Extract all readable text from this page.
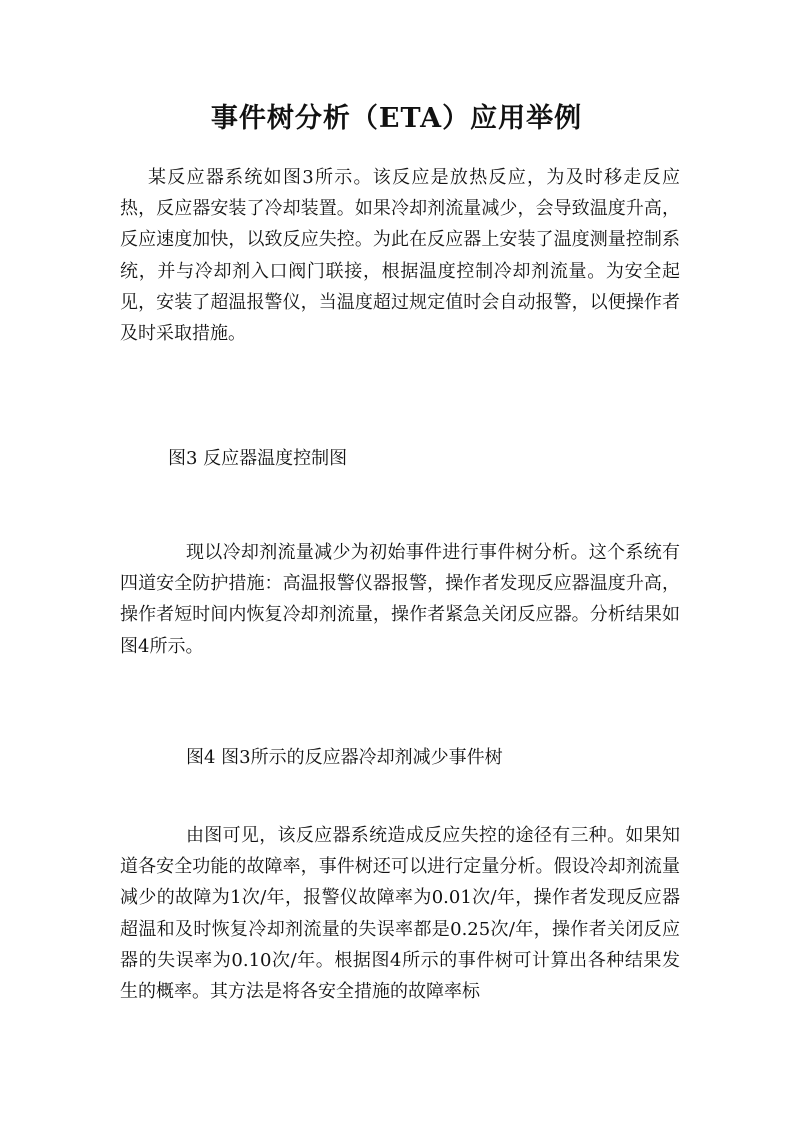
事件树分析（ETA）应用举例

某反应器系统如图3所示。该反应是放热反应，为及时移走反应热，反应器安装了冷却装置。如果冷却剂流量减少，会导致温度升高，反应速度加快，以致反应失控。为此在反应器上安装了温度测量控制系统，并与冷却剂入口阀门联接，根据温度控制冷却剂流量。为安全起见，安装了超温报警仪，当温度超过规定值时会自动报警，以便操作者及时采取措施。

图3 反应器温度控制图

现以冷却剂流量减少为初始事件进行事件树分析。这个系统有四道安全防护措施：高温报警仪器报警，操作者发现反应器温度升高，操作者短时间内恢复冷却剂流量，操作者紧急关闭反应器。分析结果如图4所示。

图4 图3所示的反应器冷却剂减少事件树

由图可见，该反应器系统造成反应失控的途径有三种。如果知道各安全功能的故障率，事件树还可以进行定量分析。假设冷却剂流量减少的故障为1次/年，报警仪故障率为0.01次/年，操作者发现反应器超温和及时恢复冷却剂流量的失误率都是0.25次/年，操作者关闭反应器的失误率为0.10次/年。根据图4所示的事件树可计算出各种结果发生的概率。其方法是将各安全措施的故障率标
